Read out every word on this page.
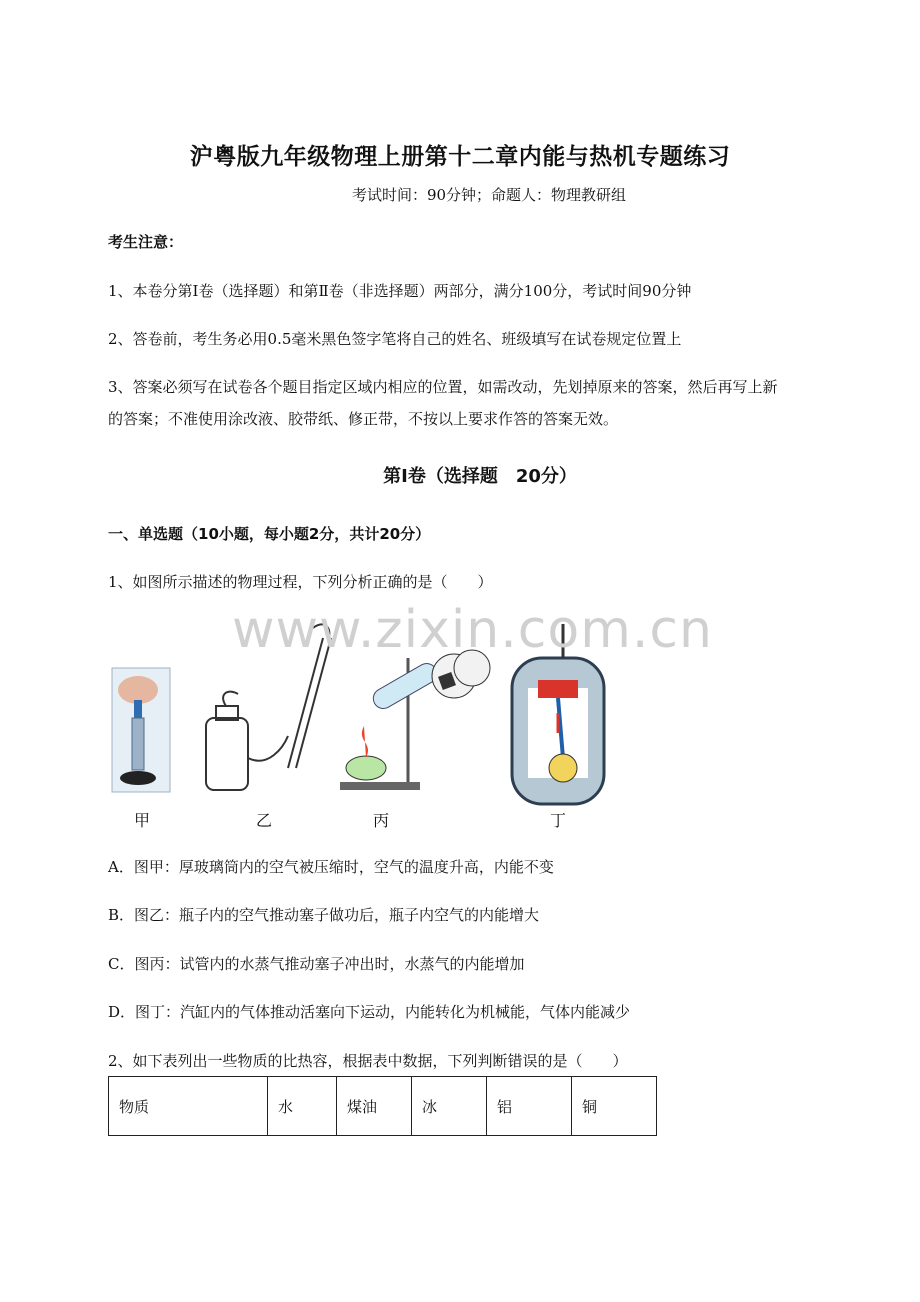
沪粤版九年级物理上册第十二章内能与热机专题练习
考试时间：90分钟；命题人：物理教研组
考生注意：
1、本卷分第Ⅰ卷（选择题）和第Ⅱ卷（非选择题）两部分，满分100分，考试时间90分钟
2、答卷前，考生务必用0.5毫米黑色签字笔将自己的姓名、班级填写在试卷规定位置上
3、答案必须写在试卷各个题目指定区域内相应的位置，如需改动，先划掉原来的答案，然后再写上新
的答案；不准使用涂改液、胶带纸、修正带，不按以上要求作答的答案无效。
第Ⅰ卷（选择题　20分）
一、单选题（10小题，每小题2分，共计20分）
1、如图所示描述的物理过程，下列分析正确的是（　　）
www.zixin.com.cn
甲	乙	丙	丁
A．图甲：厚玻璃筒内的空气被压缩时，空气的温度升高，内能不变
B．图乙：瓶子内的空气推动塞子做功后，瓶子内空气的内能增大
C．图丙：试管内的水蒸气推动塞子冲出时，水蒸气的内能增加
D．图丁：汽缸内的气体推动活塞向下运动，内能转化为机械能，气体内能减少
2、如下表列出一些物质的比热容，根据表中数据，下列判断错误的是（　　）
物质	水	煤油	冰	铝	铜
